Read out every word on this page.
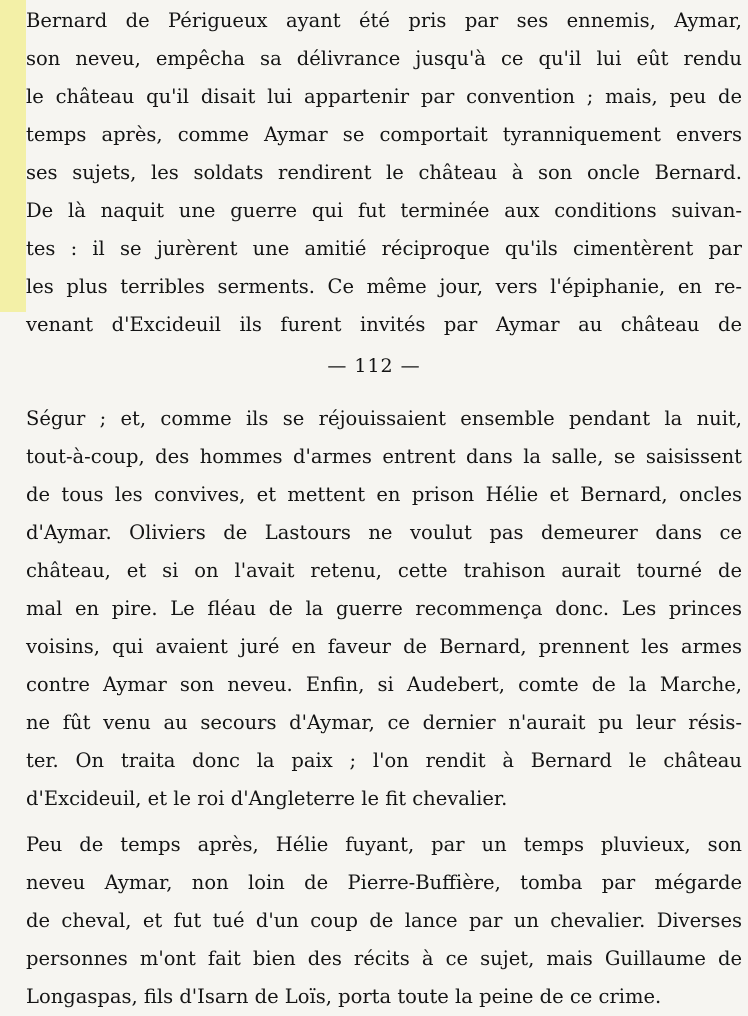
Bernard de Périgueux ayant été pris par ses ennemis, Aymar,
son neveu, empêcha sa délivrance jusqu'à ce qu'il lui eût rendu
le château qu'il disait lui appartenir par convention ; mais, peu de
temps après, comme Aymar se comportait tyranniquement envers
ses sujets, les soldats rendirent le château à son oncle Bernard.
De là naquit une guerre qui fut terminée aux conditions suivan-
tes : il se jurèrent une amitié réciproque qu'ils cimentèrent par
les plus terribles serments. Ce même jour, vers l'épiphanie, en re-
venant d'Excideuil ils furent invités par Aymar au château de
— 112 —
Ségur ; et, comme ils se réjouissaient ensemble pendant la nuit,
tout-à-coup, des hommes d'armes entrent dans la salle, se saisissent
de tous les convives, et mettent en prison Hélie et Bernard, oncles
d'Aymar. Oliviers de Lastours ne voulut pas demeurer dans ce
château, et si on l'avait retenu, cette trahison aurait tourné de
mal en pire. Le fléau de la guerre recommença donc. Les princes
voisins, qui avaient juré en faveur de Bernard, prennent les armes
contre Aymar son neveu. Enfin, si Audebert, comte de la Marche,
ne fût venu au secours d'Aymar, ce dernier n'aurait pu leur résis-
ter. On traita donc la paix ; l'on rendit à Bernard le château
d'Excideuil, et le roi d'Angleterre le fit chevalier.
Peu de temps après, Hélie fuyant, par un temps pluvieux, son
neveu Aymar, non loin de Pierre-Buffière, tomba par mégarde
de cheval, et fut tué d'un coup de lance par un chevalier. Diverses
personnes m'ont fait bien des récits à ce sujet, mais Guillaume de
Longaspas, fils d'Isarn de Loïs, porta toute la peine de ce crime.
